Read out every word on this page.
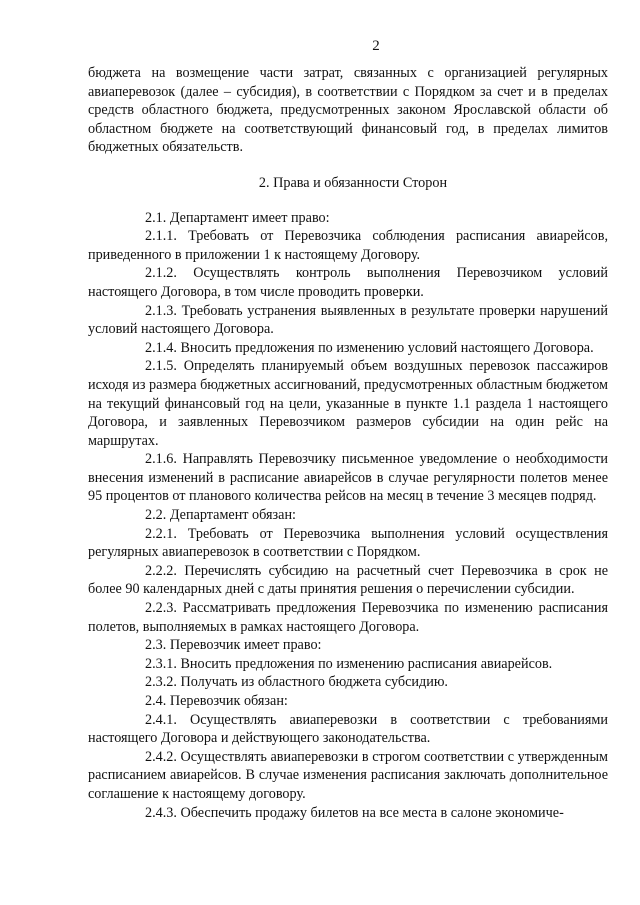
2

бюджета на возмещение части затрат, связанных с организацией регулярных авиаперевозок (далее – субсидия), в соответствии с Порядком за счет и в пределах средств областного бюджета, предусмотренных законом Ярославской области об областном бюджете на соответствующий финансовый год, в пределах лимитов бюджетных обязательств.

2. Права и обязанности Сторон

2.1. Департамент имеет право:

2.1.1. Требовать от Перевозчика соблюдения расписания авиарейсов, приведенного в приложении 1 к настоящему Договору.

2.1.2. Осуществлять контроль выполнения Перевозчиком условий настоящего Договора, в том числе проводить проверки.

2.1.3. Требовать устранения выявленных в результате проверки нарушений условий настоящего Договора.

2.1.4. Вносить предложения по изменению условий настоящего Договора.

2.1.5. Определять планируемый объем воздушных перевозок пассажиров исходя из размера бюджетных ассигнований, предусмотренных областным бюджетом на текущий финансовый год на цели, указанные в пункте 1.1 раздела 1 настоящего Договора, и заявленных Перевозчиком размеров субсидии на один рейс на маршрутах.

2.1.6. Направлять Перевозчику письменное уведомление о необходимости внесения изменений в расписание авиарейсов в случае регулярности полетов менее 95 процентов от планового количества рейсов на месяц в течение 3 месяцев подряд.

2.2. Департамент обязан:

2.2.1. Требовать от Перевозчика выполнения условий осуществления регулярных авиаперевозок в соответствии с Порядком.

2.2.2. Перечислять субсидию на расчетный счет Перевозчика в срок не более 90 календарных дней с даты принятия решения о перечислении субсидии.

2.2.3. Рассматривать предложения Перевозчика по изменению расписания полетов, выполняемых в рамках настоящего Договора.

2.3. Перевозчик имеет право:

2.3.1. Вносить предложения по изменению расписания авиарейсов.

2.3.2. Получать из областного бюджета субсидию.

2.4. Перевозчик обязан:

2.4.1. Осуществлять авиаперевозки в соответствии с требованиями настоящего Договора и действующего законодательства.

2.4.2. Осуществлять авиаперевозки в строгом соответствии с утвержденным расписанием авиарейсов. В случае изменения расписания заключать дополнительное соглашение к настоящему договору.

2.4.3. Обеспечить продажу билетов на все места в салоне экономиче-
